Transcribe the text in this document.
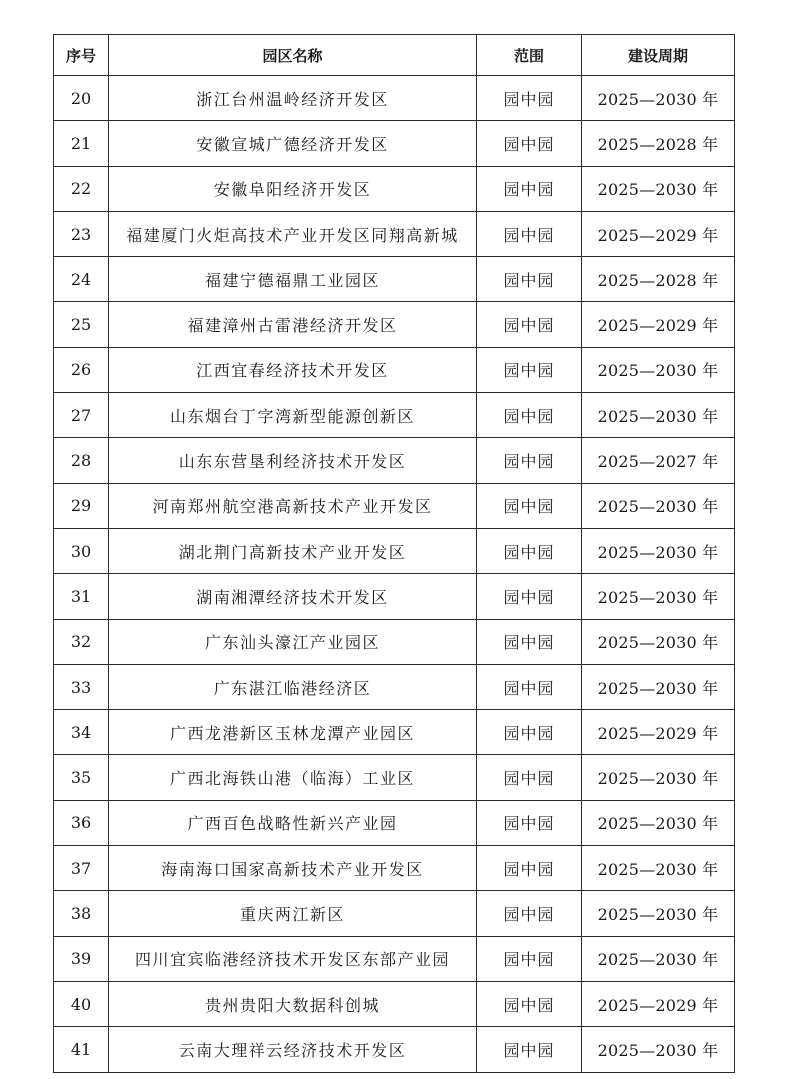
序号	园区名称	范围	建设周期
20	浙江台州温岭经济开发区	园中园	2025—2030 年
21	安徽宣城广德经济开发区	园中园	2025—2028 年
22	安徽阜阳经济开发区	园中园	2025—2030 年
23	福建厦门火炬高技术产业开发区同翔高新城	园中园	2025—2029 年
24	福建宁德福鼎工业园区	园中园	2025—2028 年
25	福建漳州古雷港经济开发区	园中园	2025—2029 年
26	江西宜春经济技术开发区	园中园	2025—2030 年
27	山东烟台丁字湾新型能源创新区	园中园	2025—2030 年
28	山东东营垦利经济技术开发区	园中园	2025—2027 年
29	河南郑州航空港高新技术产业开发区	园中园	2025—2030 年
30	湖北荆门高新技术产业开发区	园中园	2025—2030 年
31	湖南湘潭经济技术开发区	园中园	2025—2030 年
32	广东汕头濠江产业园区	园中园	2025—2030 年
33	广东湛江临港经济区	园中园	2025—2030 年
34	广西龙港新区玉林龙潭产业园区	园中园	2025—2029 年
35	广西北海铁山港（临海）工业区	园中园	2025—2030 年
36	广西百色战略性新兴产业园	园中园	2025—2030 年
37	海南海口国家高新技术产业开发区	园中园	2025—2030 年
38	重庆两江新区	园中园	2025—2030 年
39	四川宜宾临港经济技术开发区东部产业园	园中园	2025—2030 年
40	贵州贵阳大数据科创城	园中园	2025—2029 年
41	云南大理祥云经济技术开发区	园中园	2025—2030 年
